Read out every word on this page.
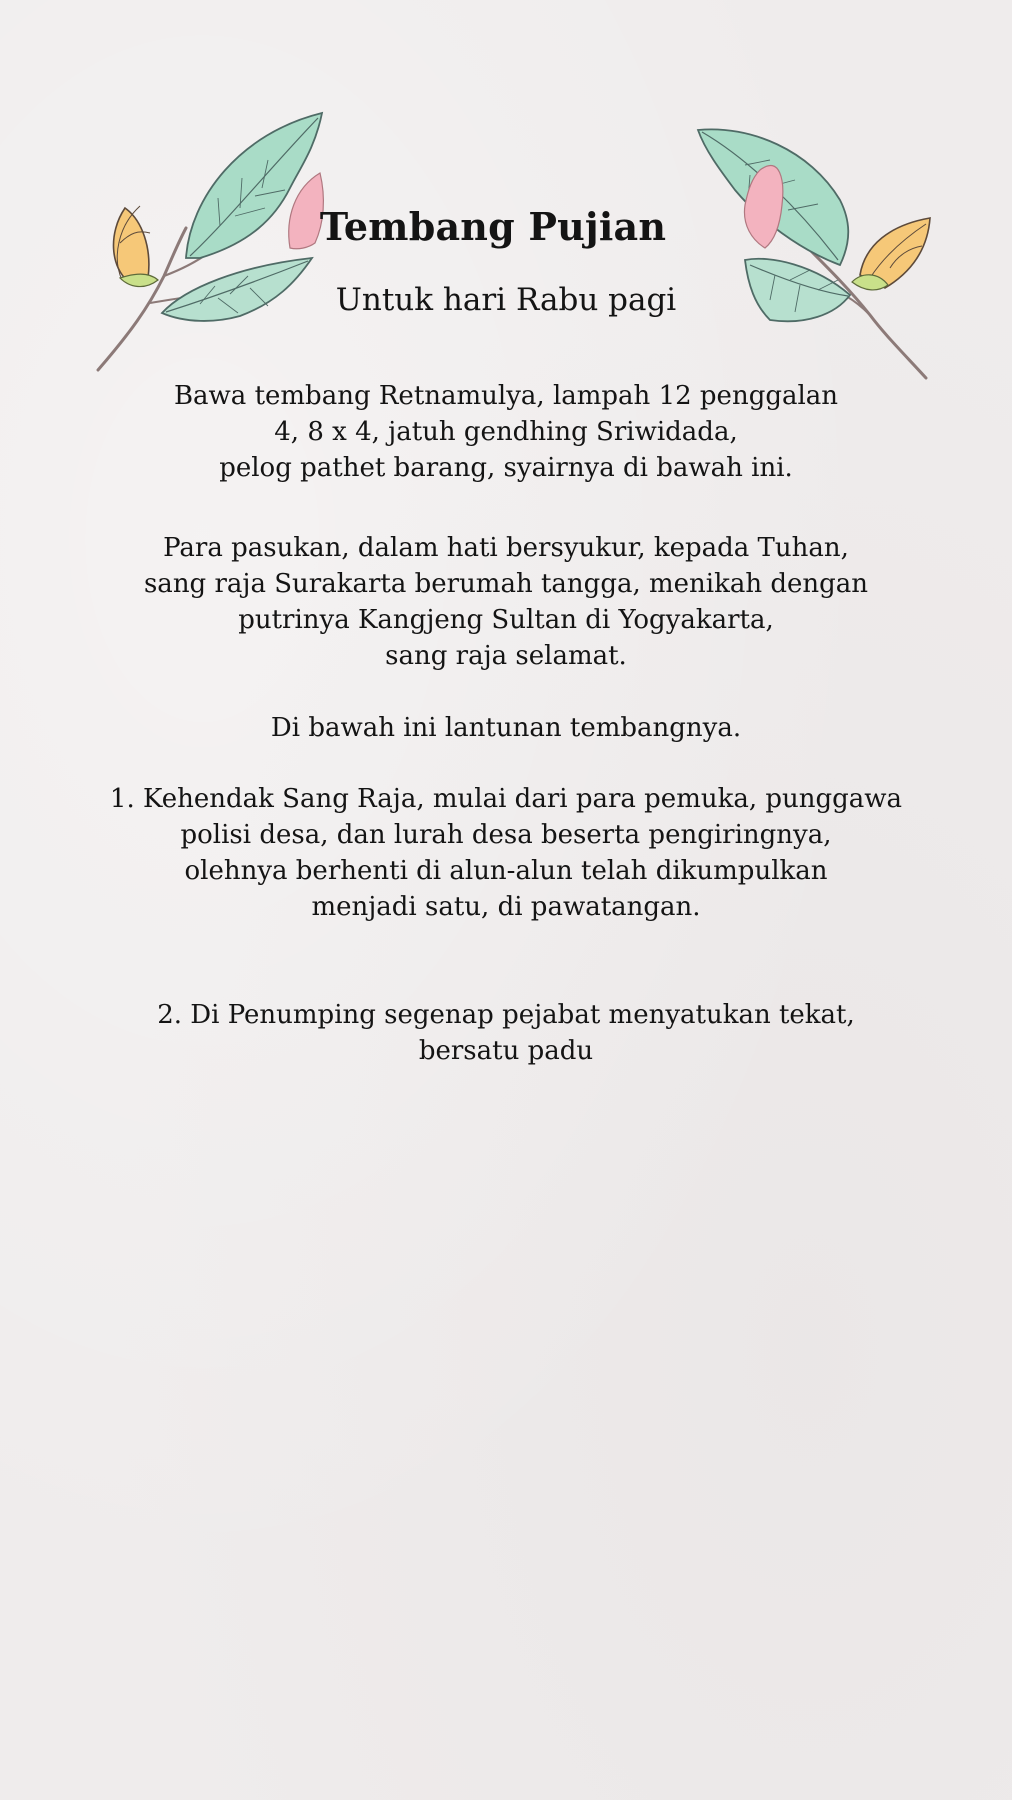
Tembang Pujian
Untuk hari Rabu pagi
Bawa tembang Retnamulya, lampah 12 penggalan
4, 8 x 4, jatuh gendhing Sriwidada,
pelog pathet barang, syairnya di bawah ini.
Para pasukan, dalam hati bersyukur, kepada Tuhan,
sang raja Surakarta berumah tangga, menikah dengan
putrinya Kangjeng Sultan di Yogyakarta,
sang raja selamat.
Di bawah ini lantunan tembangnya.
1. Kehendak Sang Raja, mulai dari para pemuka, punggawa
polisi desa, dan lurah desa beserta pengiringnya,
olehnya berhenti di alun-alun telah dikumpulkan
menjadi satu, di pawatangan.
2. Di Penumping segenap pejabat menyatukan tekat,
bersatu padu
